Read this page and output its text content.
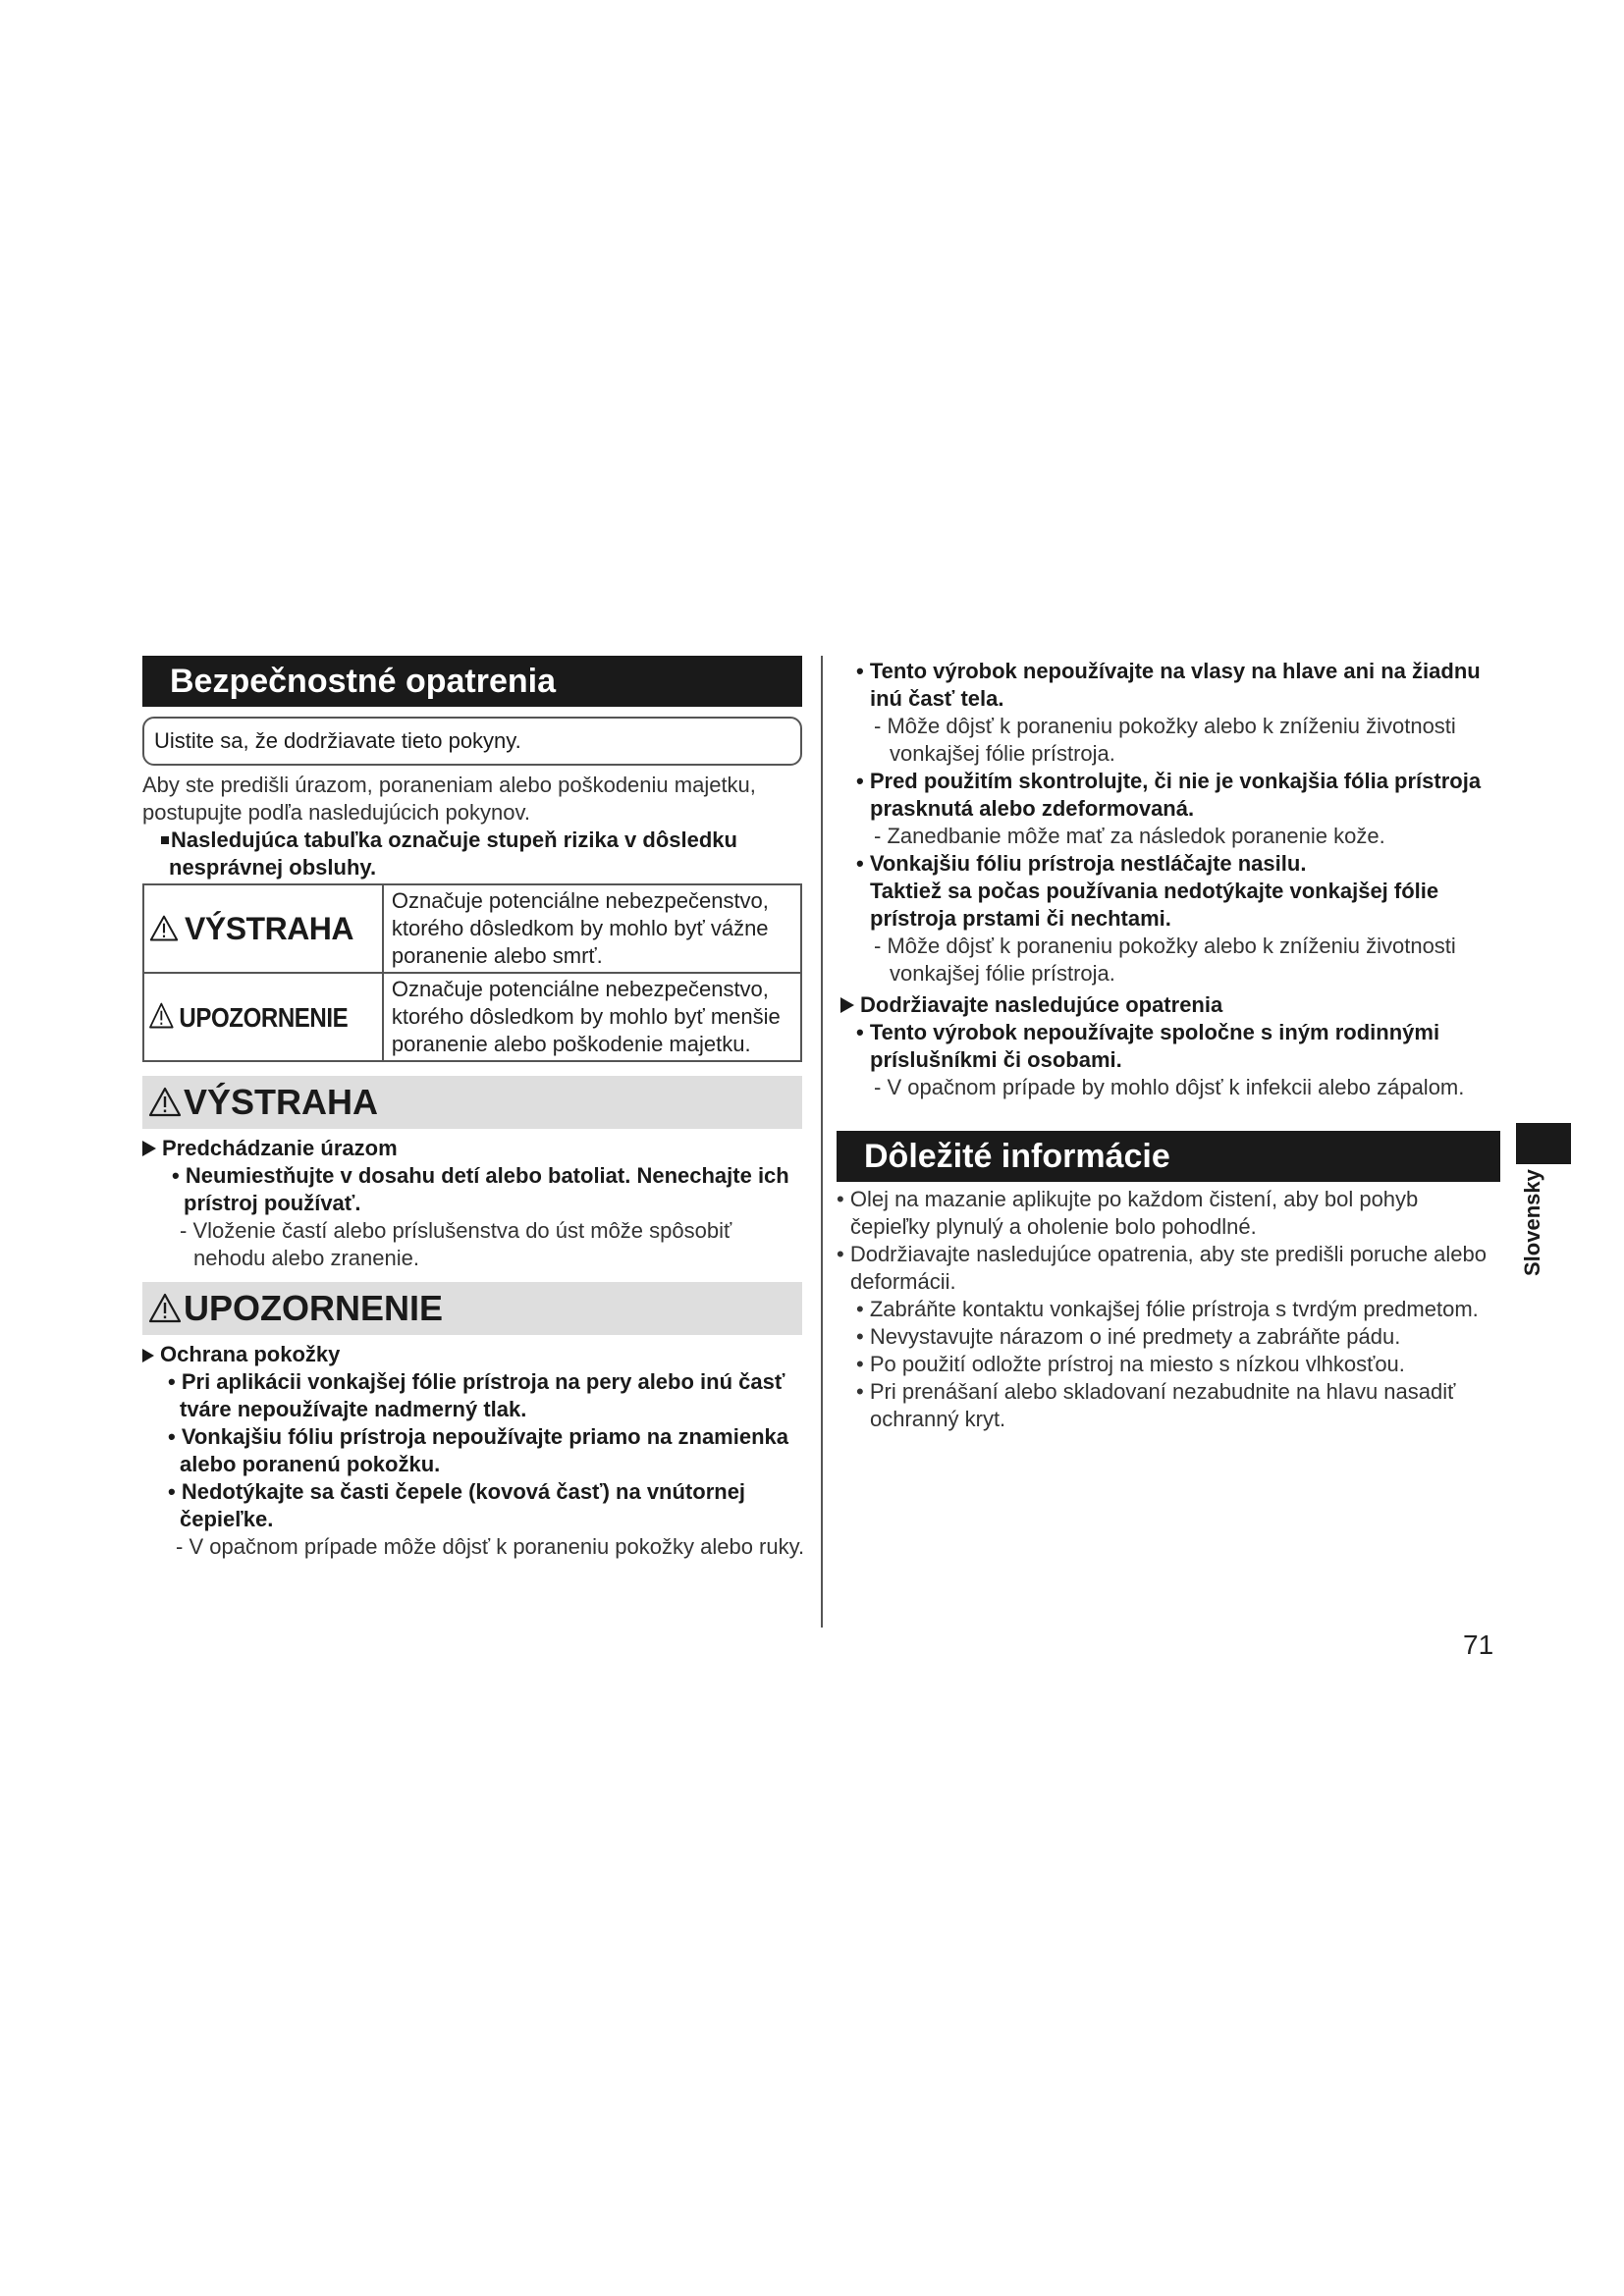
Bezpečnostné opatrenia
Uistite sa, že dodržiavate tieto pokyny.
Aby ste predišli úrazom, poraneniam alebo poškodeniu majetku,
postupujte podľa nasledujúcich pokynov.
Nasledujúca tabuľka označuje stupeň rizika v dôsledku
nesprávnej obsluhy.
VÝSTRAHA	Označuje potenciálne nebezpečenstvo,
ktorého dôsledkom by mohlo byť vážne
poranenie alebo smrť.

UPOZORNENIE	Označuje potenciálne nebezpečenstvo,
ktorého dôsledkom by mohlo byť menšie
poranenie alebo poškodenie majetku.
VÝSTRAHA
Predchádzanie úrazom
• Neumiestňujte v dosahu detí alebo batoliat. Nenechajte ich
prístroj používať.
- Vloženie častí alebo príslušenstva do úst môže spôsobiť
nehodu alebo zranenie.
UPOZORNENIE
Ochrana pokožky
• Pri aplikácii vonkajšej fólie prístroja na pery alebo inú časť
tváre nepoužívajte nadmerný tlak.
• Vonkajšiu fóliu prístroja nepoužívajte priamo na znamienka
alebo poranenú pokožku.
• Nedotýkajte sa časti čepele (kovová časť) na vnútornej
čepieľke.
- V opačnom prípade môže dôjsť k poraneniu pokožky alebo ruky.
• Tento výrobok nepoužívajte na vlasy na hlave ani na žiadnu
inú časť tela.
- Môže dôjsť k poraneniu pokožky alebo k zníženiu životnosti
vonkajšej fólie prístroja.
• Pred použitím skontrolujte, či nie je vonkajšia fólia prístroja
prasknutá alebo zdeformovaná.
- Zanedbanie môže mať za následok poranenie kože.
• Vonkajšiu fóliu prístroja nestláčajte nasilu.
Taktiež sa počas používania nedotýkajte vonkajšej fólie
prístroja prstami či nechtami.
- Môže dôjsť k poraneniu pokožky alebo k zníženiu životnosti
vonkajšej fólie prístroja.
Dodržiavajte nasledujúce opatrenia
• Tento výrobok nepoužívajte spoločne s iným rodinnými
príslušníkmi či osobami.
- V opačnom prípade by mohlo dôjsť k infekcii alebo zápalom.
Dôležité informácie
• Olej na mazanie aplikujte po každom čistení, aby bol pohyb
čepieľky plynulý a oholenie bolo pohodlné.
• Dodržiavajte nasledujúce opatrenia, aby ste predišli poruche alebo
deformácii.
• Zabráňte kontaktu vonkajšej fólie prístroja s tvrdým predmetom.
• Nevystavujte nárazom o iné predmety a zabráňte pádu.
• Po použití odložte prístroj na miesto s nízkou vlhkosťou.
• Pri prenášaní alebo skladovaní nezabudnite na hlavu nasadiť
ochranný kryt.
Slovensky
71
